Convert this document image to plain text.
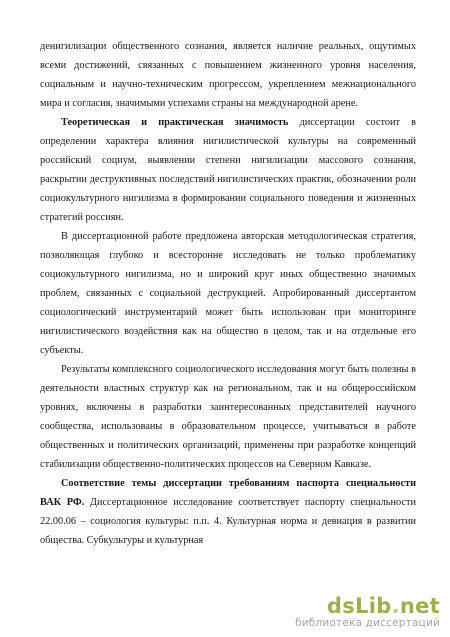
денигилизации общественного сознания, является наличие реальных, ощутимых всеми достижений, связанных с повышением жизненного уровня населения, социальным и научно-техническим прогрессом, укреплением межнационального мира и согласия, значимыми успехами страны на международной арене.

Теоретическая и практическая значимость диссертации состоит в определении характера влияния нигилистической культуры на современный российский социум, выявлении степени нигилизации массового сознания, раскрытии деструктивных последствий нигилистических практик, обозначении роли социокультурного нигилизма в формировании социального поведения и жизненных стратегий россиян.

В диссертационной работе предложена авторская методологическая стратегия, позволяющая глубоко и всесторонне исследовать не только проблематику социокультурного нигилизма, но и широкий круг иных общественно значимых проблем, связанных с социальной деструкцией. Апробированный диссертантом социологический инструментарий может быть использован при мониторинге нигилистического воздействия как на общество в целом, так и на отдельные его субъекты.

Результаты комплексного социологического исследования могут быть полезны в деятельности властных структур как на региональном, так и на общероссийском уровнях, включены в разработки заинтересованных представителей научного сообщества, использованы в образовательном процессе, учитываться в работе общественных и политических организаций, применены при разработке концепций стабилизации общественно-политических процессов на Северном Кавказе.

Соответствие темы диссертации требованиям паспорта специальности ВАК РФ. Диссертационное исследование соответствует паспорту специальности 22.00.06 – социология культуры: п.п. 4. Культурная норма и девиация в развитии общества. Субкультуры и культурная

dsLib.net
библиотека диссертаций
